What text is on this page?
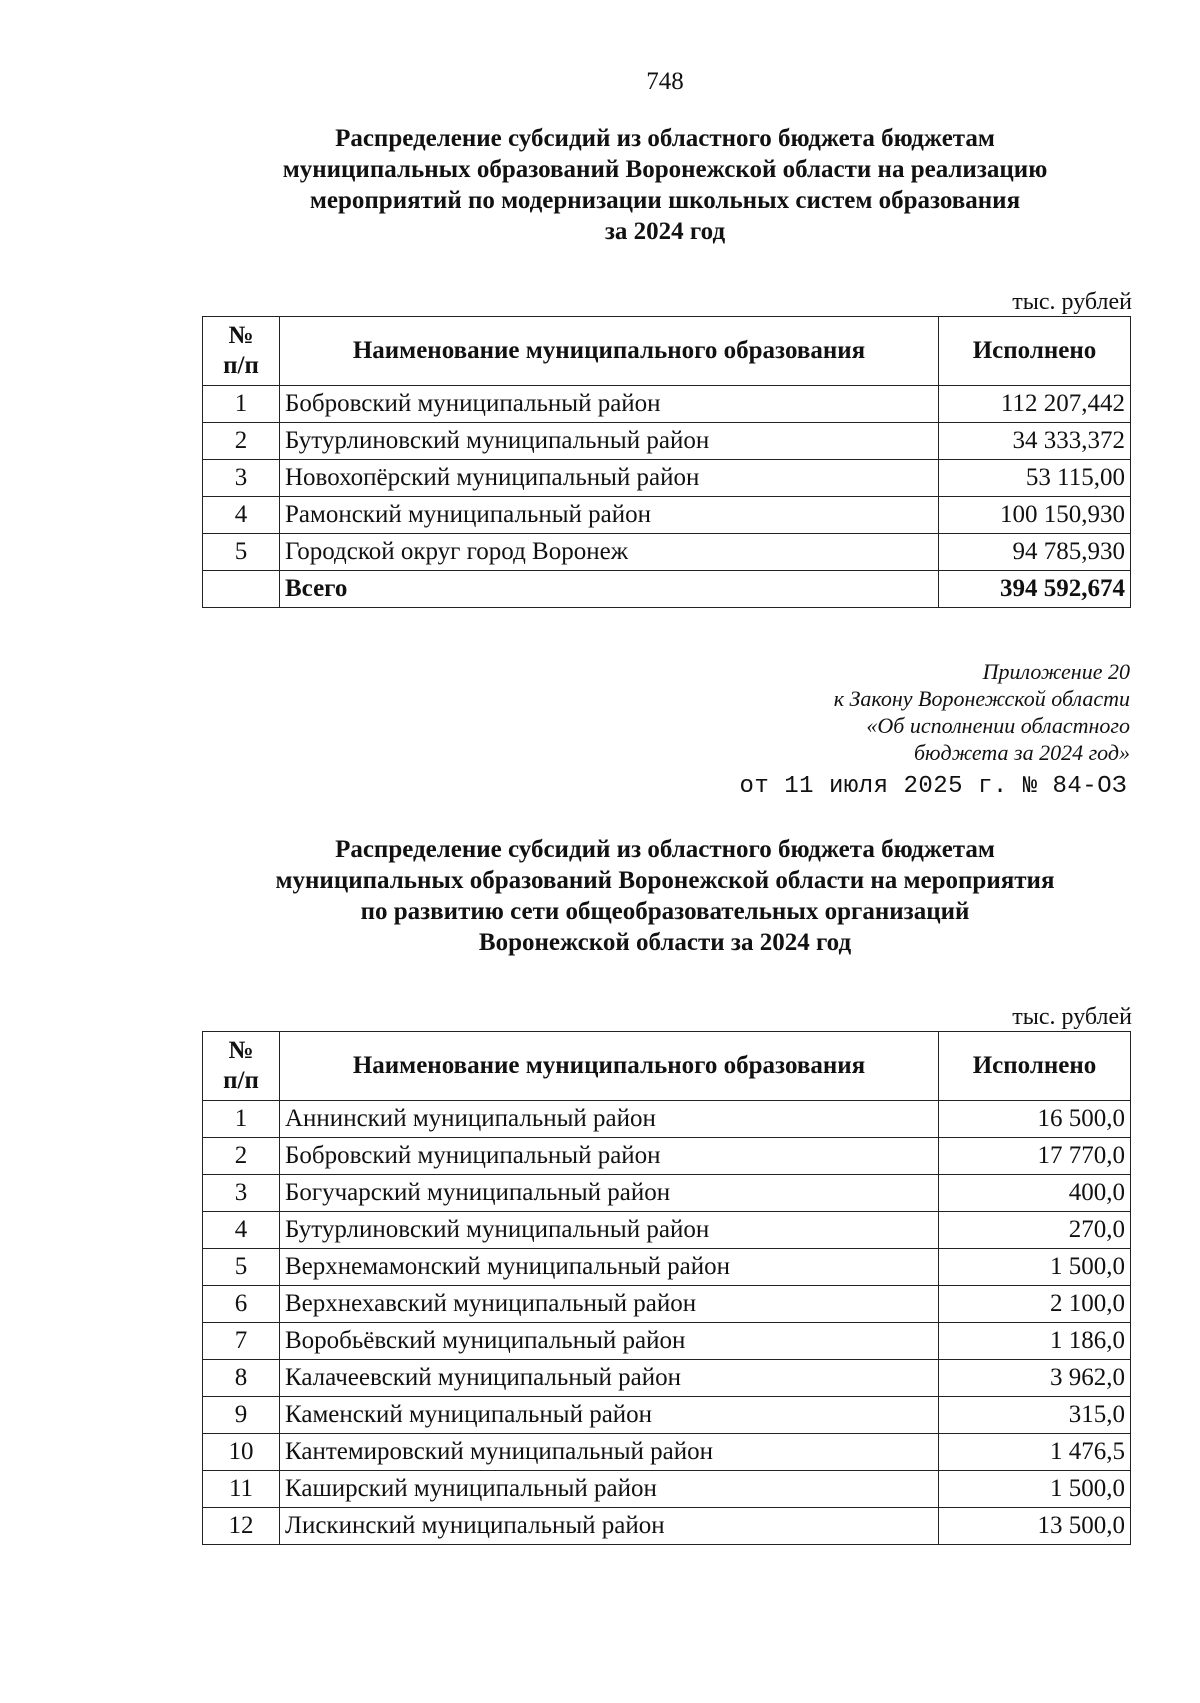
748
Распределение субсидий из областного бюджета бюджетам
муниципальных образований Воронежской области на реализацию
мероприятий по модернизации школьных систем образования
за 2024 год
тыс. рублей
№
п/п	Наименование муниципального образования	Исполнено
1	Бобровский муниципальный район	112 207,442
2	Бутурлиновский муниципальный район	34 333,372
3	Новохопёрский муниципальный район	53 115,00
4	Рамонский муниципальный район	100 150,930
5	Городской округ город Воронеж	94 785,930
	Всего	394 592,674
Приложение 20
к Закону Воронежской области
«Об исполнении областного
бюджета за 2024 год»
от 11 июля 2025 г. № 84-ОЗ
Распределение субсидий из областного бюджета бюджетам
муниципальных образований Воронежской области на мероприятия
по развитию сети общеобразовательных организаций
Воронежской области за 2024 год
тыс. рублей
№
п/п	Наименование муниципального образования	Исполнено
1	Аннинский муниципальный район	16 500,0
2	Бобровский муниципальный район	17 770,0
3	Богучарский муниципальный район	400,0
4	Бутурлиновский муниципальный район	270,0
5	Верхнемамонский муниципальный район	1 500,0
6	Верхнехавский муниципальный район	2 100,0
7	Воробьёвский муниципальный район	1 186,0
8	Калачеевский муниципальный район	3 962,0
9	Каменский муниципальный район	315,0
10	Кантемировский муниципальный район	1 476,5
11	Каширский муниципальный район	1 500,0
12	Лискинский муниципальный район	13 500,0
